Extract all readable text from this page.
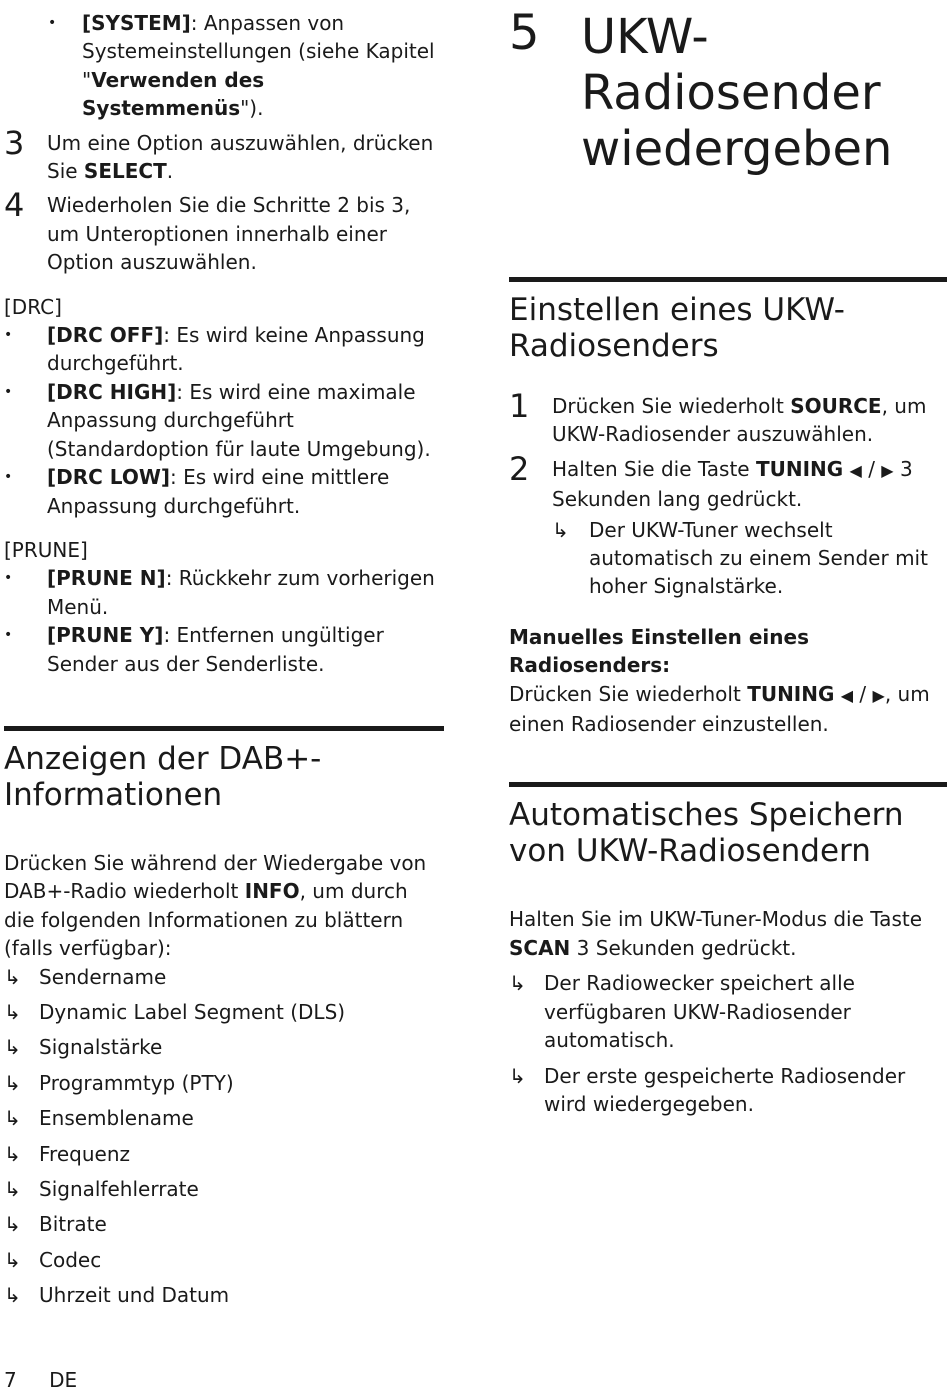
• [SYSTEM]: Anpassen von Systemeinstellungen (siehe Kapitel "Verwenden des Systemmenüs").
3 Um eine Option auszuwählen, drücken Sie SELECT.
4 Wiederholen Sie die Schritte 2 bis 3, um Unteroptionen innerhalb einer Option auszuwählen.
[DRC]
• [DRC OFF]: Es wird keine Anpassung durchgeführt.
• [DRC HIGH]: Es wird eine maximale Anpassung durchgeführt (Standardoption für laute Umgebung).
• [DRC LOW]: Es wird eine mittlere Anpassung durchgeführt.
[PRUNE]
• [PRUNE N]: Rückkehr zum vorherigen Menü.
• [PRUNE Y]: Entfernen ungültiger Sender aus der Senderliste.
Anzeigen der DAB+-Informationen
Drücken Sie während der Wiedergabe von DAB+-Radio wiederholt INFO, um durch die folgenden Informationen zu blättern (falls verfügbar):
↳ Sendername
↳ Dynamic Label Segment (DLS)
↳ Signalstärke
↳ Programmtyp (PTY)
↳ Ensemblename
↳ Frequenz
↳ Signalfehlerrate
↳ Bitrate
↳ Codec
↳ Uhrzeit und Datum
5 UKW-Radiosender wiedergeben
Einstellen eines UKW-Radiosenders
1 Drücken Sie wiederholt SOURCE, um UKW-Radiosender auszuwählen.
2 Halten Sie die Taste TUNING ◀ / ▶ 3 Sekunden lang gedrückt.
↳ Der UKW-Tuner wechselt automatisch zu einem Sender mit hoher Signalstärke.
Manuelles Einstellen eines Radiosenders:
Drücken Sie wiederholt TUNING ◀ / ▶, um einen Radiosender einzustellen.
Automatisches Speichern von UKW-Radiosendern
Halten Sie im UKW-Tuner-Modus die Taste SCAN 3 Sekunden gedrückt.
↳ Der Radiowecker speichert alle verfügbaren UKW-Radiosender automatisch.
↳ Der erste gespeicherte Radiosender wird wiedergegeben.
7 DE
